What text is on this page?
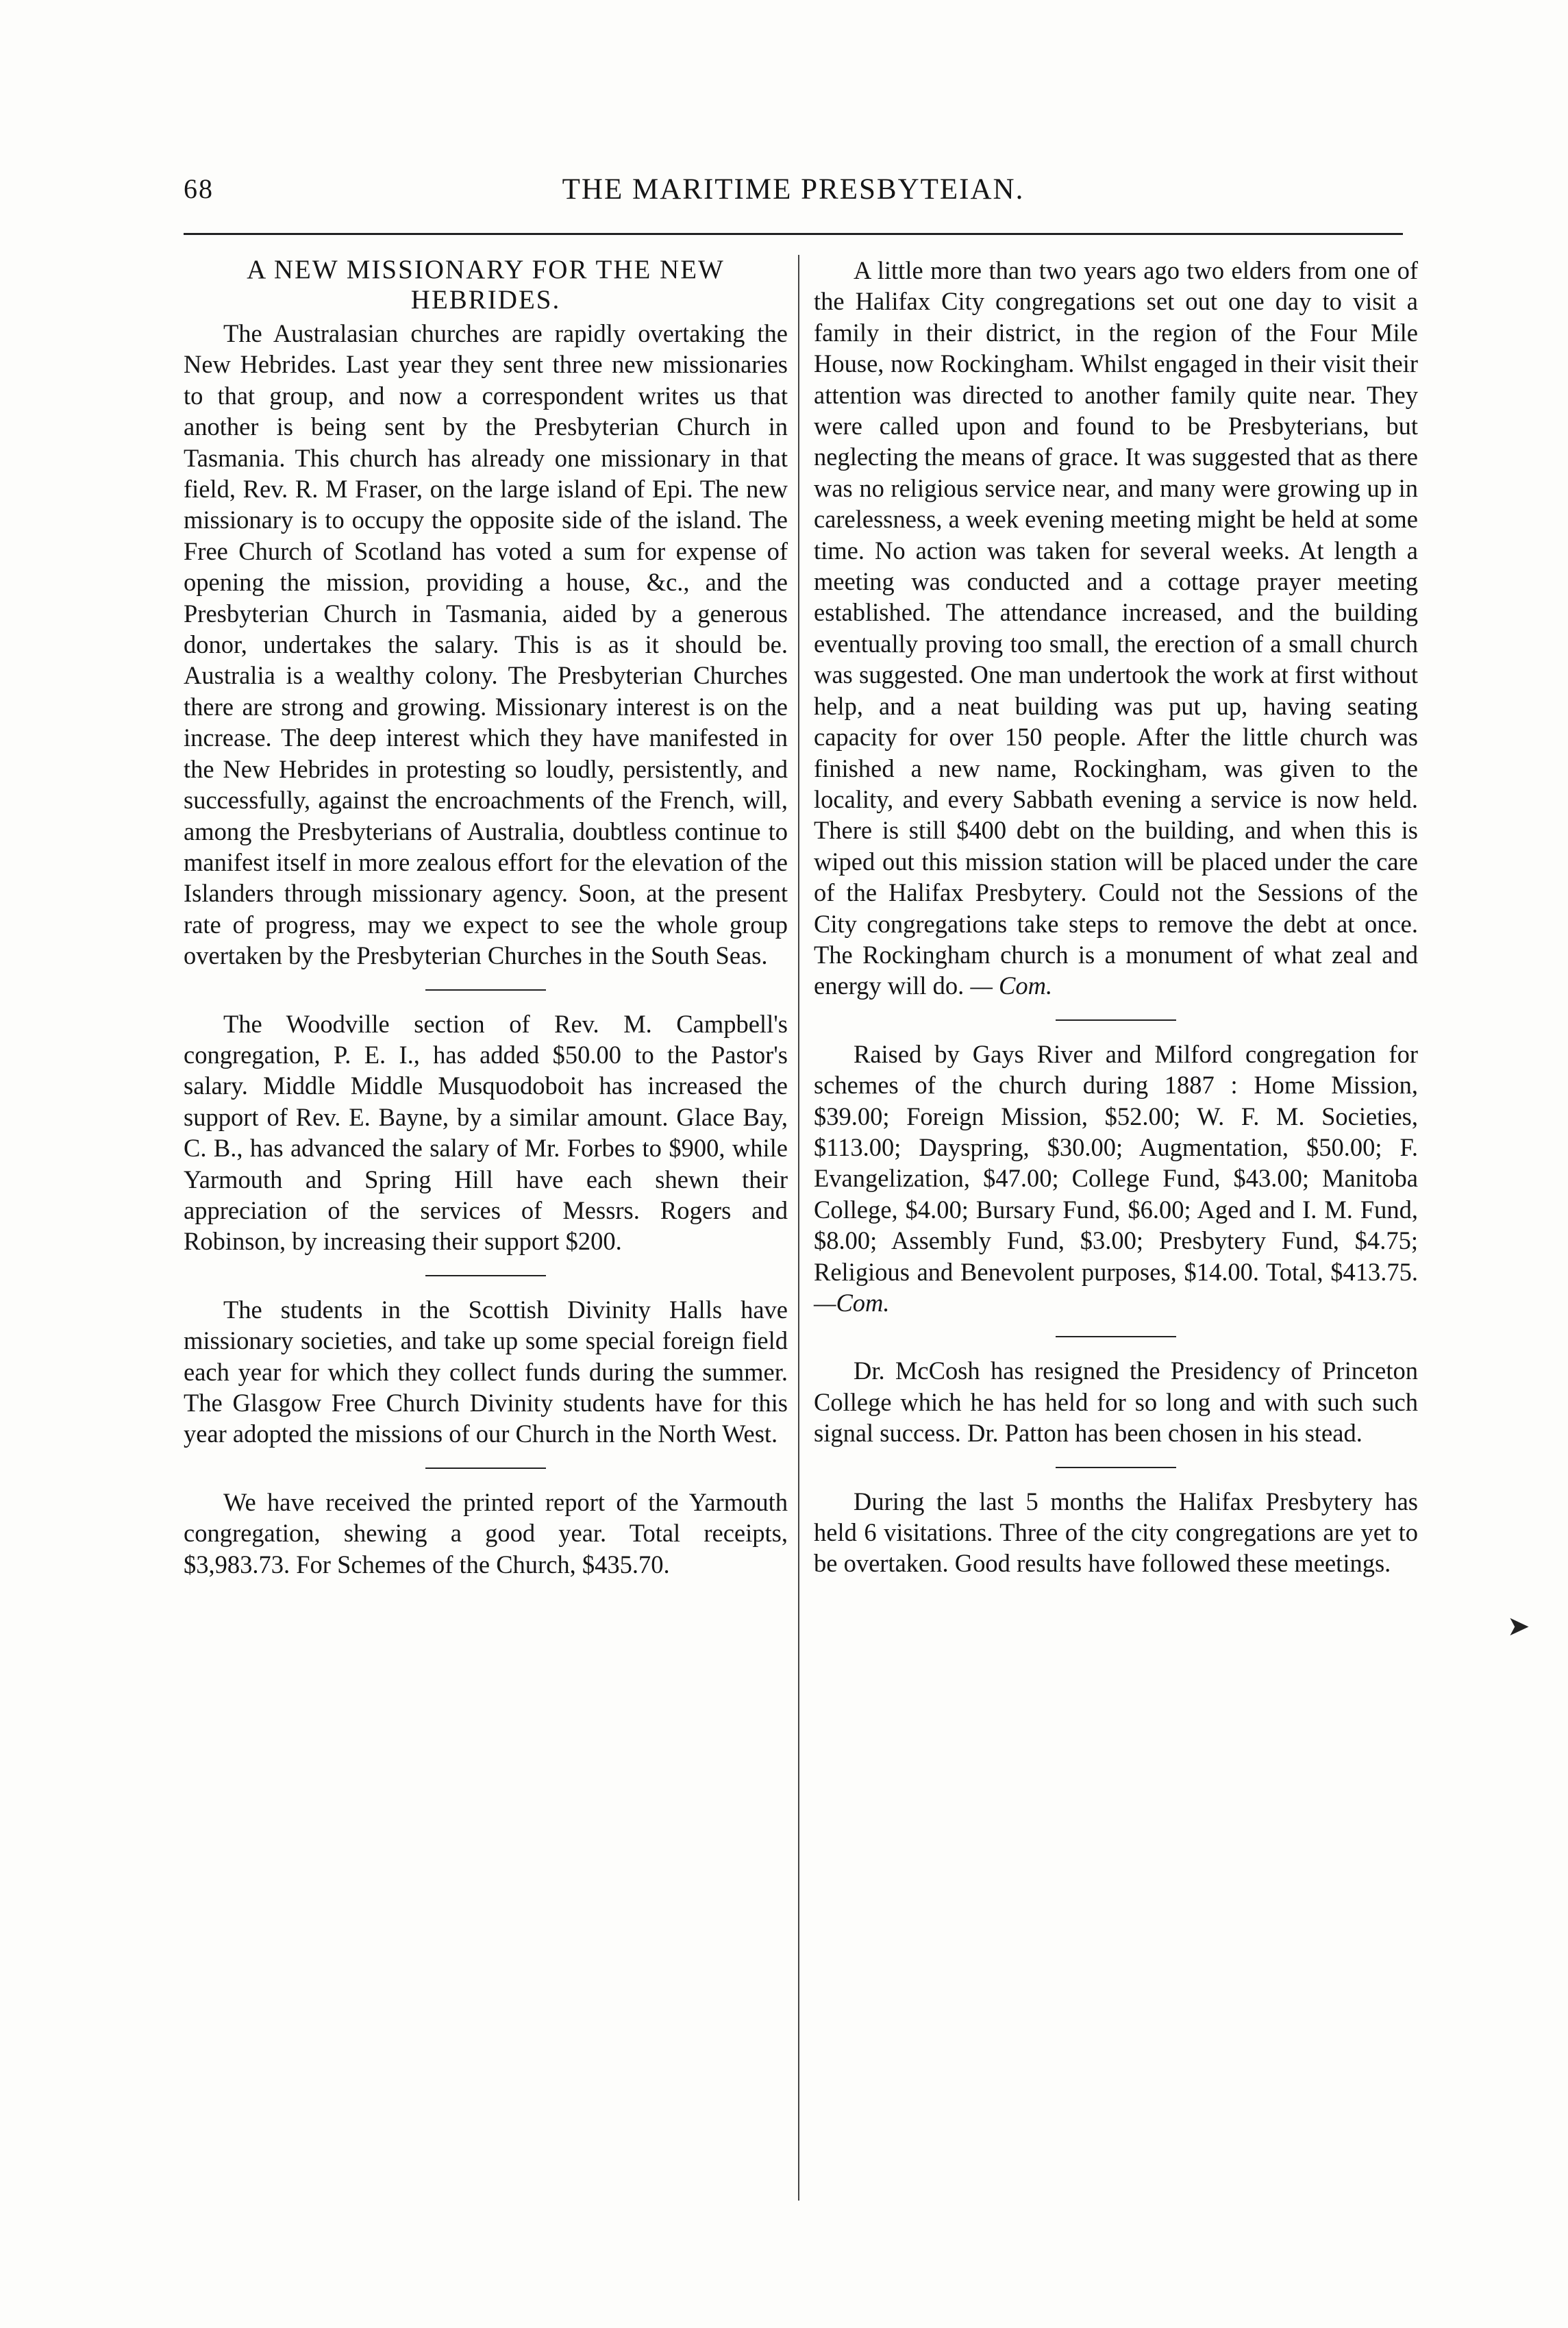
68	THE MARITIME PRESBYTEIAN.
A NEW MISSIONARY FOR THE NEW HEBRIDES.

The Australasian churches are rapidly overtaking the New Hebrides. Last year they sent three new missionaries to that group, and now a correspondent writes us that another is being sent by the Presbyterian Church in Tasmania. This church has already one missionary in that field, Rev. R. M Fraser, on the large island of Epi. The new missionary is to occupy the opposite side of the island. The Free Church of Scotland has voted a sum for expense of opening the mission, providing a house, &c., and the Presbyterian Church in Tasmania, aided by a generous donor, undertakes the salary. This is as it should be. Australia is a wealthy colony. The Presbyterian Churches there are strong and growing. Missionary interest is on the increase. The deep interest which they have manifested in the New Hebrides in protesting so loudly, persistently, and successfully, against the encroachments of the French, will, among the Presbyterians of Australia, doubtless continue to manifest itself in more zealous effort for the elevation of the Islanders through missionary agency. Soon, at the present rate of progress, may we expect to see the whole group overtaken by the Presbyterian Churches in the South Seas.

The Woodville section of Rev. M. Campbell's congregation, P. E. I., has added $50.00 to the Pastor's salary. Middle Middle Musquodoboit has increased the support of Rev. E. Bayne, by a similar amount. Glace Bay, C. B., has advanced the salary of Mr. Forbes to $900, while Yarmouth and Spring Hill have each shewn their appreciation of the services of Messrs. Rogers and Robinson, by increasing their support $200.

The students in the Scottish Divinity Halls have missionary societies, and take up some special foreign field each year for which they collect funds during the summer. The Glasgow Free Church Divinity students have for this year adopted the missions of our Church in the North West.

We have received the printed report of the Yarmouth congregation, shewing a good year. Total receipts, $3,983.73. For Schemes of the Church, $435.70.

A little more than two years ago two elders from one of the Halifax City congregations set out one day to visit a family in their district, in the region of the Four Mile House, now Rockingham. Whilst engaged in their visit their attention was directed to another family quite near. They were called upon and found to be Presbyterians, but neglecting the means of grace. It was suggested that as there was no religious service near, and many were growing up in carelessness, a week evening meeting might be held at some time. No action was taken for several weeks. At length a meeting was conducted and a cottage prayer meeting established. The attendance increased, and the building eventually proving too small, the erection of a small church was suggested. One man undertook the work at first without help, and a neat building was put up, having seating capacity for over 150 people. After the little church was finished a new name, Rockingham, was given to the locality, and every Sabbath evening a service is now held. There is still $400 debt on the building, and when this is wiped out this mission station will be placed under the care of the Halifax Presbytery. Could not the Sessions of the City congregations take steps to remove the debt at once. The Rockingham church is a monument of what zeal and energy will do. — Com.

Raised by Gays River and Milford congregation for schemes of the church during 1887 : Home Mission, $39.00; Foreign Mission, $52.00; W. F. M. Societies, $113.00; Dayspring, $30.00; Augmentation, $50.00; F. Evangelization, $47.00; College Fund, $43.00; Manitoba College, $4.00; Bursary Fund, $6.00; Aged and I. M. Fund, $8.00; Assembly Fund, $3.00; Presbytery Fund, $4.75; Religious and Benevolent purposes, $14.00. Total, $413.75.—Com.

Dr. McCosh has resigned the Presidency of Princeton College which he has held for so long and with such such signal success. Dr. Patton has been chosen in his stead.

During the last 5 months the Halifax Presbytery has held 6 visitations. Three of the city congregations are yet to be overtaken. Good results have followed these meetings.

➤
